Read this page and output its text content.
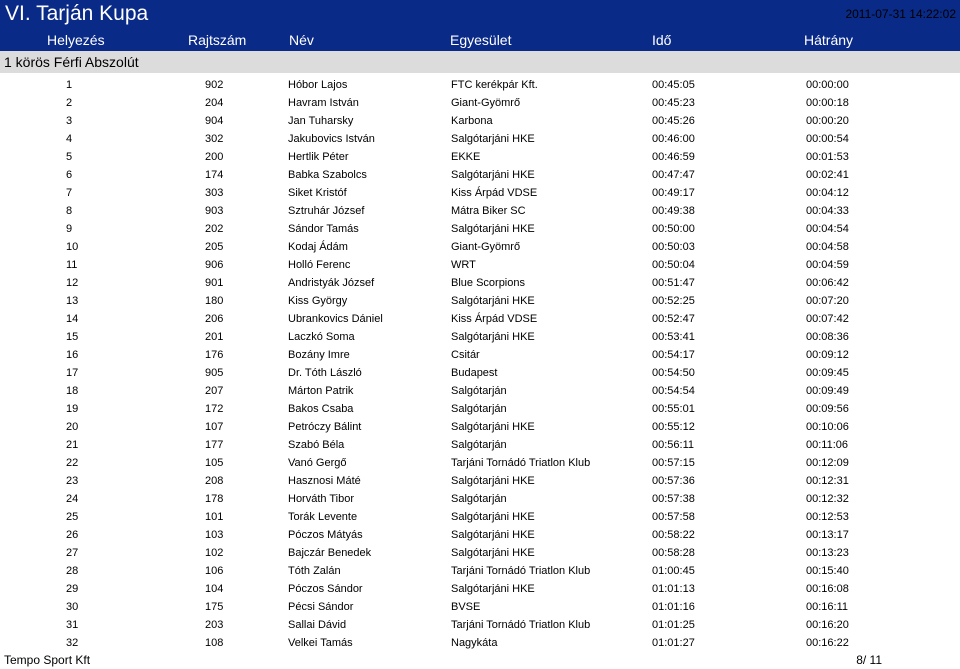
VI. Tarján Kupa	2011-07-31 14:22:02
Helyezés	Rajtszám	Név	Egyesület	Idő	Hátrány
1 körös Férfi Abszolút
1	902	Hóbor Lajos	FTC kerékpár Kft.	00:45:05	00:00:00
2	204	Havram István	Giant-Gyömrő	00:45:23	00:00:18
3	904	Jan Tuharsky	Karbona	00:45:26	00:00:20
4	302	Jakubovics István	Salgótarjáni HKE	00:46:00	00:00:54
5	200	Hertlik Péter	EKKE	00:46:59	00:01:53
6	174	Babka Szabolcs	Salgótarjáni HKE	00:47:47	00:02:41
7	303	Siket Kristóf	Kiss Árpád VDSE	00:49:17	00:04:12
8	903	Sztruhár József	Mátra Biker SC	00:49:38	00:04:33
9	202	Sándor Tamás	Salgótarjáni HKE	00:50:00	00:04:54
10	205	Kodaj Ádám	Giant-Gyömrő	00:50:03	00:04:58
11	906	Holló Ferenc	WRT	00:50:04	00:04:59
12	901	Andristyák József	Blue Scorpions	00:51:47	00:06:42
13	180	Kiss György	Salgótarjáni HKE	00:52:25	00:07:20
14	206	Ubrankovics Dániel	Kiss Árpád VDSE	00:52:47	00:07:42
15	201	Laczkó Soma	Salgótarjáni HKE	00:53:41	00:08:36
16	176	Bozány Imre	Csitár	00:54:17	00:09:12
17	905	Dr. Tóth László	Budapest	00:54:50	00:09:45
18	207	Márton Patrik	Salgótarján	00:54:54	00:09:49
19	172	Bakos Csaba	Salgótarján	00:55:01	00:09:56
20	107	Petróczy Bálint	Salgótarjáni HKE	00:55:12	00:10:06
21	177	Szabó Béla	Salgótarján	00:56:11	00:11:06
22	105	Vanó Gergő	Tarjáni Tornádó Triatlon Klub	00:57:15	00:12:09
23	208	Hasznosi Máté	Salgótarjáni HKE	00:57:36	00:12:31
24	178	Horváth Tibor	Salgótarján	00:57:38	00:12:32
25	101	Torák Levente	Salgótarjáni HKE	00:57:58	00:12:53
26	103	Póczos Mátyás	Salgótarjáni HKE	00:58:22	00:13:17
27	102	Bajczár Benedek	Salgótarjáni HKE	00:58:28	00:13:23
28	106	Tóth Zalán	Tarjáni Tornádó Triatlon Klub	01:00:45	00:15:40
29	104	Póczos Sándor	Salgótarjáni HKE	01:01:13	00:16:08
30	175	Pécsi Sándor	BVSE	01:01:16	00:16:11
31	203	Sallai Dávid	Tarjáni Tornádó Triatlon Klub	01:01:25	00:16:20
32	108	Velkei Tamás	Nagykáta	01:01:27	00:16:22
Tempo Sport Kft	8/ 11
